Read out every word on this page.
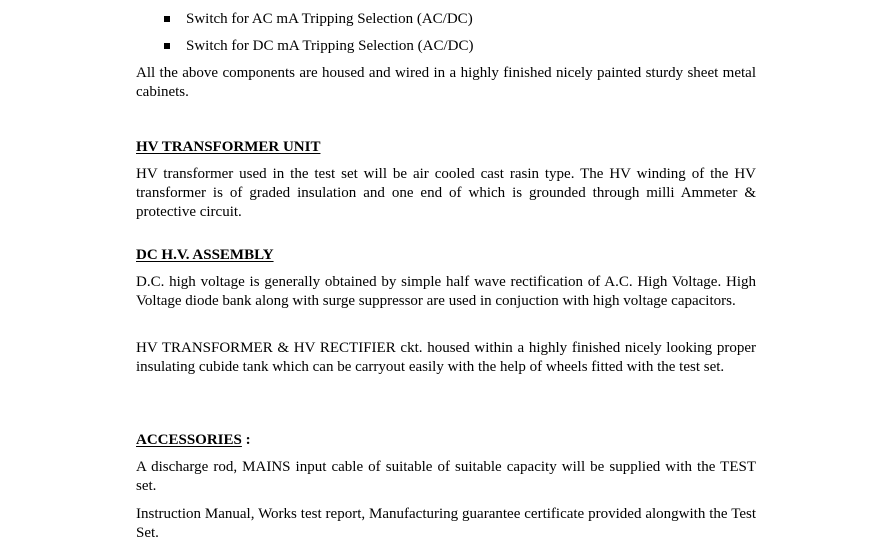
Switch for AC mA Tripping Selection (AC/DC)
Switch for DC mA Tripping Selection (AC/DC)

All the above components are housed and wired in a highly finished nicely painted sturdy sheet metal cabinets.

HV TRANSFORMER UNIT

HV transformer used in the test set will be air cooled cast rasin type. The HV winding of the HV transformer is of graded insulation and one end of which is grounded through milli Ammeter & protective circuit.

DC H.V. ASSEMBLY

D.C. high voltage is generally obtained by simple half wave rectification of A.C. High Voltage. High Voltage diode bank along with surge suppressor are used in conjuction with high voltage capacitors.

HV TRANSFORMER & HV RECTIFIER ckt. housed within a highly finished nicely looking proper insulating cubide tank which can be carryout easily with the help of wheels fitted with the test set.

ACCESSORIES :

A discharge rod, MAINS input cable of suitable of suitable capacity will be supplied with the TEST set.

Instruction Manual, Works test report, Manufacturing guarantee certificate provided alongwith the Test Set.
